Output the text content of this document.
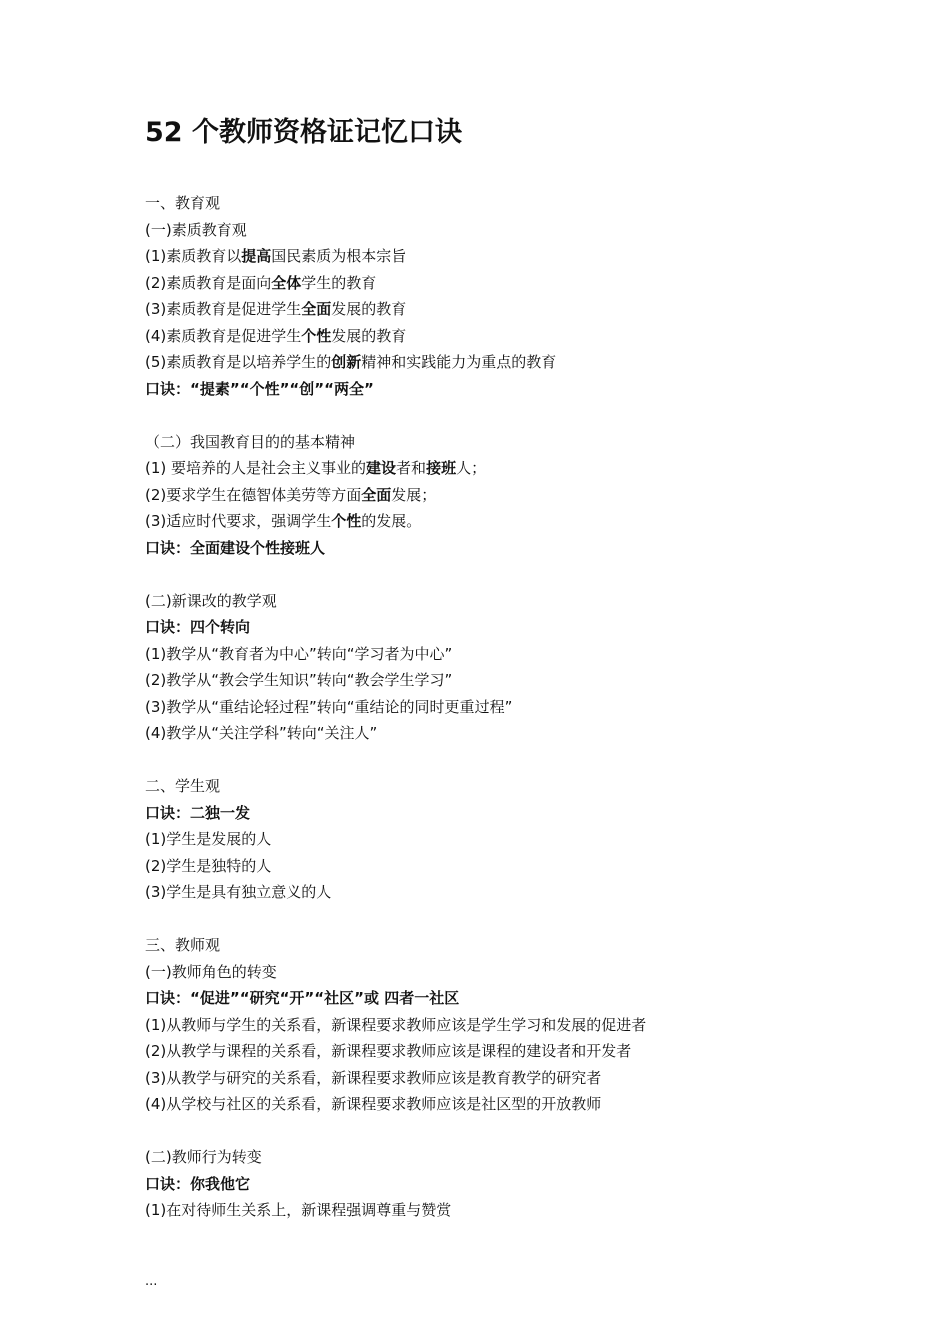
52 个教师资格证记忆口诀
一、教育观
(一)素质教育观
(1)素质教育以提高国民素质为根本宗旨
(2)素质教育是面向全体学生的教育
(3)素质教育是促进学生全面发展的教育
(4)素质教育是促进学生个性发展的教育
(5)素质教育是以培养学生的创新精神和实践能力为重点的教育
口诀：“提素”“个性”“创”“两全”
（二）我国教育目的的基本精神
(1) 要培养的人是社会主义事业的建设者和接班人；
(2)要求学生在德智体美劳等方面全面发展；
(3)适应时代要求，强调学生个性的发展。
口诀：全面建设个性接班人
(二)新课改的教学观
口诀：四个转向
(1)教学从“教育者为中心”转向“学习者为中心”
(2)教学从“教会学生知识”转向“教会学生学习”
(3)教学从“重结论轻过程”转向“重结论的同时更重过程”
(4)教学从“关注学科”转向“关注人”
二、学生观
口诀：二独一发
(1)学生是发展的人
(2)学生是独特的人
(3)学生是具有独立意义的人
三、教师观
(一)教师角色的转变
口诀：“促进”“研究“开”“社区”或 四者一社区
(1)从教师与学生的关系看，新课程要求教师应该是学生学习和发展的促进者
(2)从教学与课程的关系看，新课程要求教师应该是课程的建设者和开发者
(3)从教学与研究的关系看，新课程要求教师应该是教育教学的研究者
(4)从学校与社区的关系看，新课程要求教师应该是社区型的开放教师
(二)教师行为转变
口诀：你我他它
(1)在对待师生关系上，新课程强调尊重与赞赏
...
